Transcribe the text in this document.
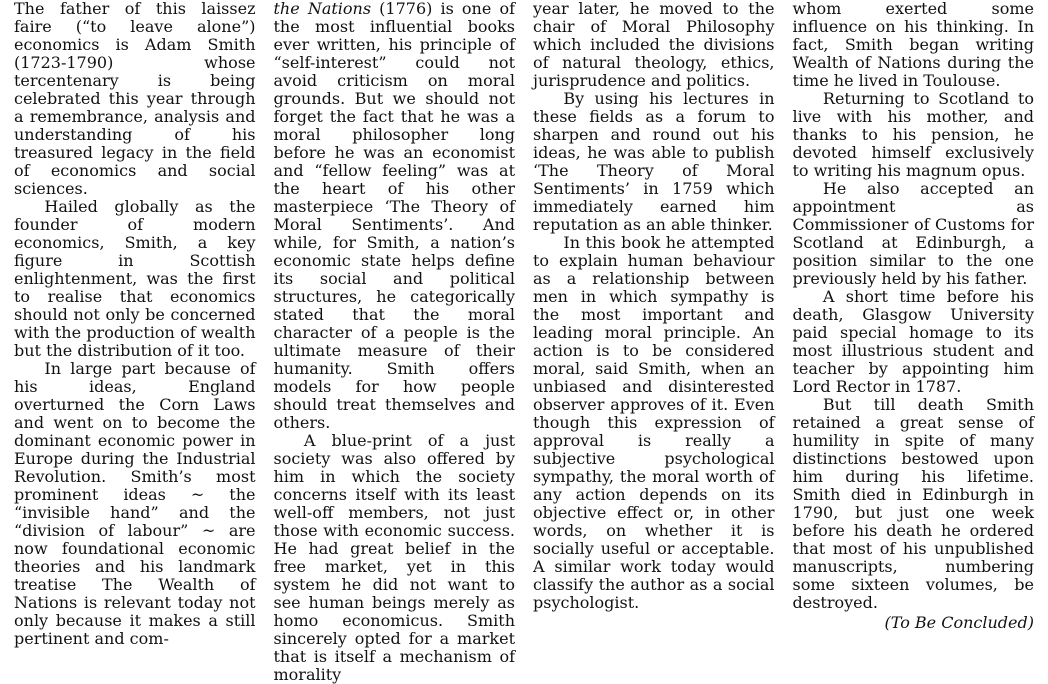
The father of this laissez faire (“to leave alone”) economics is Adam Smith (1723-1790) whose tercentenary is being celebrated this year through a remembrance, analysis and understanding of his treasured legacy in the field of economics and social sciences.

Hailed globally as the founder of modern economics, Smith, a key figure in Scottish enlightenment, was the first to realise that economics should not only be concerned with the production of wealth but the distribution of it too.

In large part because of his ideas, England overturned the Corn Laws and went on to become the dominant economic power in Europe during the Industrial Revolution. Smith’s most prominent ideas ~ the “invisible hand” and the “division of labour” ~ are now foundational economic theories and his landmark treatise The Wealth of Nations is relevant today not only because it makes a still pertinent and com-

the Nations (1776) is one of the most influential books ever written, his principle of “self-interest” could not avoid criticism on moral grounds. But we should not forget the fact that he was a moral philosopher long before he was an economist and “fellow feeling” was at the heart of his other masterpiece ‘The Theory of Moral Sentiments’. And while, for Smith, a nation’s economic state helps define its social and political structures, he categorically stated that the moral character of a people is the ultimate measure of their humanity. Smith offers models for how people should treat themselves and others.

A blue-print of a just society was also offered by him in which the society concerns itself with its least well-off members, not just those with economic success. He had great belief in the free market, yet in this system he did not want to see human beings merely as homo economicus. Smith sincerely opted for a market that is itself a mechanism of morality

year later, he moved to the chair of Moral Philosophy which included the divisions of natural theology, ethics, jurisprudence and politics.

By using his lectures in these fields as a forum to sharpen and round out his ideas, he was able to publish ‘The Theory of Moral Sentiments’ in 1759 which immediately earned him reputation as an able thinker.

In this book he attempted to explain human behaviour as a relationship between men in which sympathy is the most important and leading moral principle. An action is to be considered moral, said Smith, when an unbiased and disinterested observer approves of it. Even though this expression of approval is really a subjective psychological sympathy, the moral worth of any action depends on its objective effect or, in other words, on whether it is socially useful or acceptable. A similar work today would classify the author as a social psychologist.

whom exerted some influence on his thinking. In fact, Smith began writing Wealth of Nations during the time he lived in Toulouse.

Returning to Scotland to live with his mother, and thanks to his pension, he devoted himself exclusively to writing his magnum opus.

He also accepted an appointment as Commissioner of Customs for Scotland at Edinburgh, a position similar to the one previously held by his father.

A short time before his death, Glasgow University paid special homage to its most illustrious student and teacher by appointing him Lord Rector in 1787.

But till death Smith retained a great sense of humility in spite of many distinctions bestowed upon him during his lifetime. Smith died in Edinburgh in 1790, but just one week before his death he ordered that most of his unpublished manuscripts, numbering some sixteen volumes, be destroyed.

(To Be Concluded)
